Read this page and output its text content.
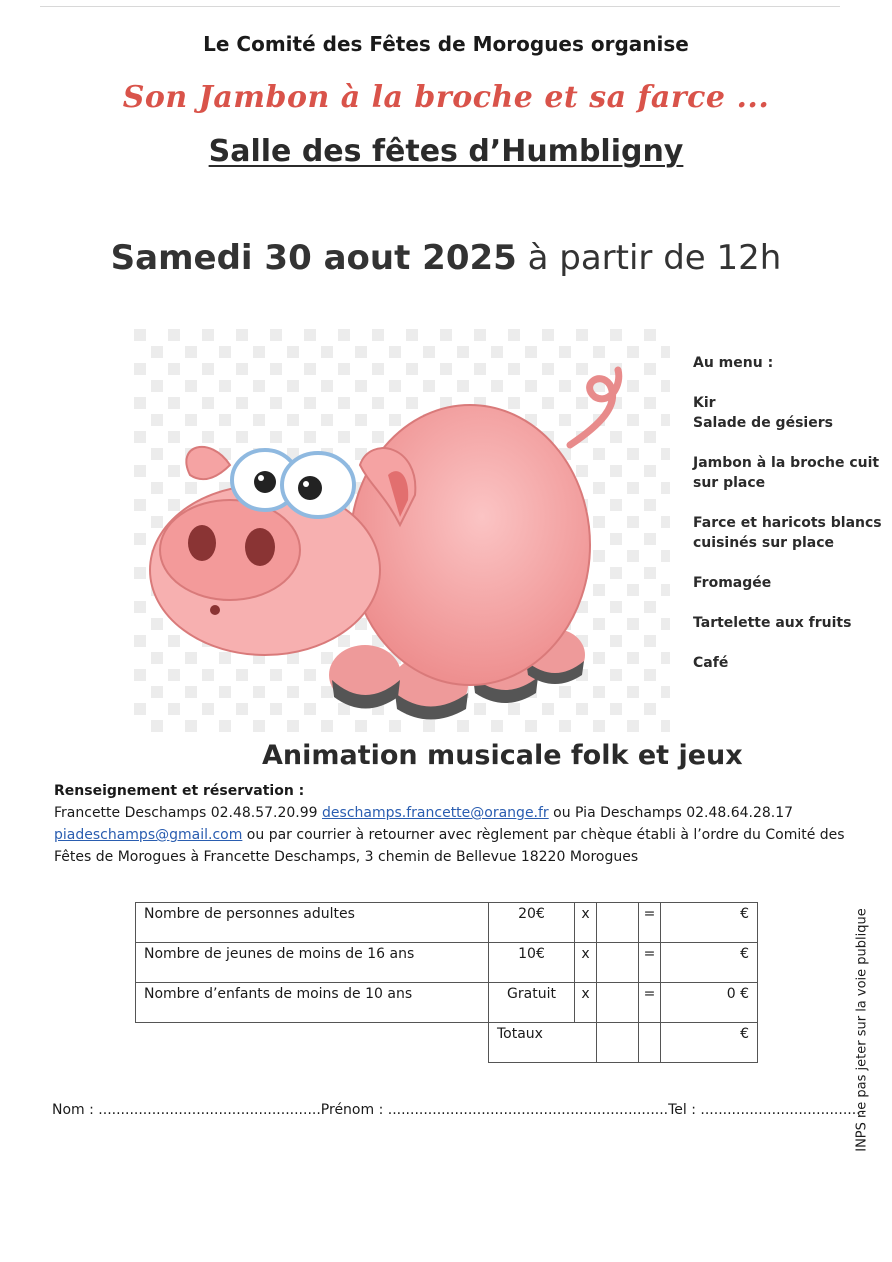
Le Comité des Fêtes de Morogues organise
Son Jambon à la broche et sa farce ...
Salle des fêtes d’Humbligny
Samedi 30 aout 2025 à partir de 12h
Au menu :
Kir
Salade de gésiers
Jambon à la broche cuit sur place
Farce et haricots blancs cuisinés sur place
Fromagée
Tartelette aux fruits
Café
Animation musicale folk et jeux
Renseignement et réservation :
Francette Deschamps 02.48.57.20.99 deschamps.francette@orange.fr ou Pia Deschamps 02.48.64.28.17
piadeschamps@gmail.com ou par courrier à retourner avec règlement par chèque établi à l’ordre du Comité des
Fêtes de Morogues à Francette Deschamps, 3 chemin de Bellevue 18220 Morogues
Nombre de personnes adultes	20€	x		=	€
Nombre de jeunes de moins de 16 ans	10€	x		=	€
Nombre d’enfants de moins de 10 ans	Gratuit	x		=	0 €
	Totaux				€
Nom : ..................................................Prénom : ...............................................................Tel : .....................................
INPS ne pas jeter sur la voie publique
